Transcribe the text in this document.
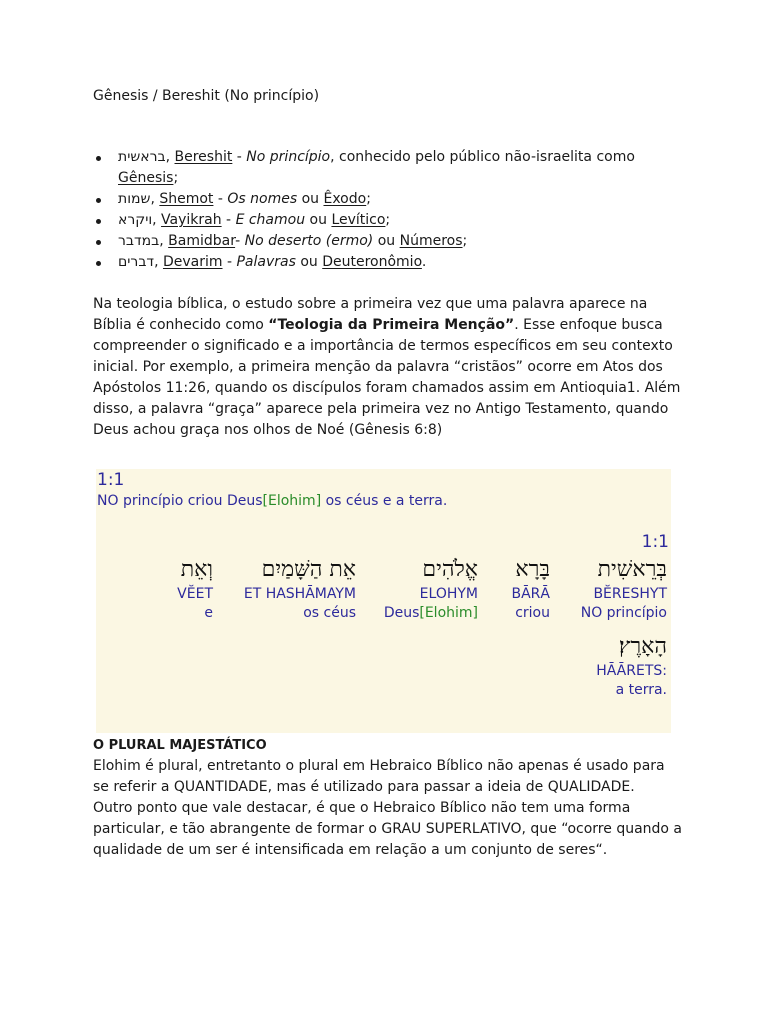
Gênesis / Bereshit (No princípio)

בראשית, Bereshit - No princípio, conhecido pelo público não-israelita como Gênesis;
שמות, Shemot - Os nomes ou Êxodo;
ויקרא, Vayikrah - E chamou ou Levítico;
במדבר, Bamidbar- No deserto (ermo) ou Números;
דברים, Devarim - Palavras ou Deuteronômio.

Na teologia bíblica, o estudo sobre a primeira vez que uma palavra aparece na Bíblia é conhecido como “Teologia da Primeira Menção”. Esse enfoque busca compreender o significado e a importância de termos específicos em seu contexto inicial. Por exemplo, a primeira menção da palavra “cristãos” ocorre em Atos dos Apóstolos 11:26, quando os discípulos foram chamados assim em Antioquia1. Além disso, a palavra “graça” aparece pela primeira vez no Antigo Testamento, quando Deus achou graça nos olhos de Noé (Gênesis 6:8)

1:1
NO princípio criou Deus[Elohim] os céus e a terra.
1:1
בְּרֵאשִׁית
BĔRESHYT
NO princípio
בָּרָא
BĀRĀ
criou
אֱלֹהִים
ELOHYM
Deus[Elohim]
אֵת הַשָּׁמַיִם
ET HASHĀMAYM
os céus
וְאֵת
VĔET
e
הָאָרֶץ׃
HĀĀRETS:
a terra.
O PLURAL MAJESTÁTICO

Elohim é plural, entretanto o plural em Hebraico Bíblico não apenas é usado para se referir a QUANTIDADE, mas é utilizado para passar a ideia de QUALIDADE.

Outro ponto que vale destacar, é que o Hebraico Bíblico não tem uma forma particular, e tão abrangente de formar o GRAU SUPERLATIVO, que “ocorre quando a qualidade de um ser é intensificada em relação a um conjunto de seres“.
